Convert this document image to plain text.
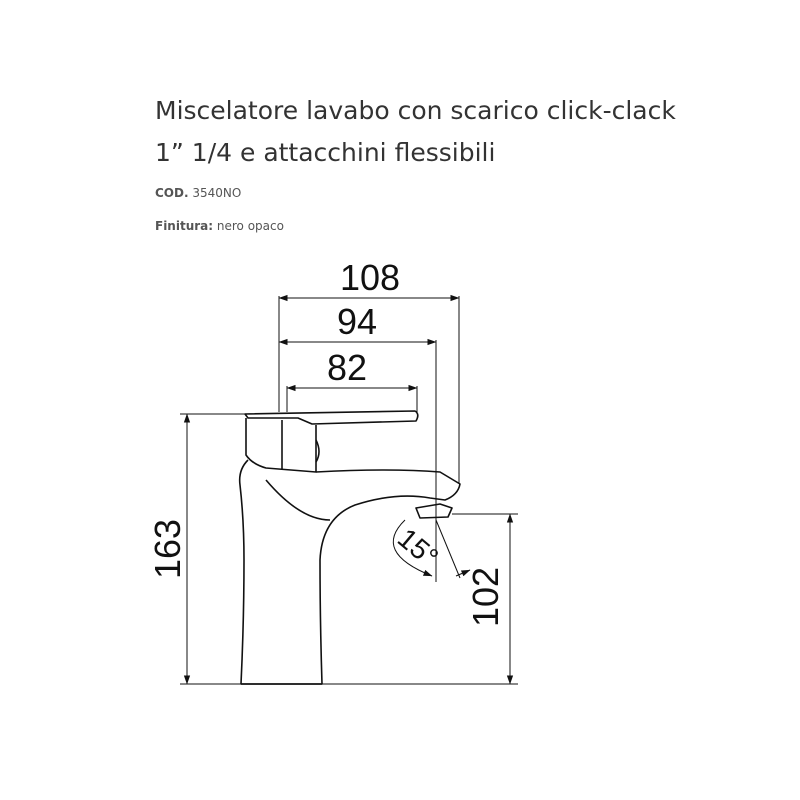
Miscelatore lavabo con scarico click-clack 1” 1/4 e attacchini flessibili

COD. 3540NO

Finitura: nero opaco

108
94
82
163
102
15°
